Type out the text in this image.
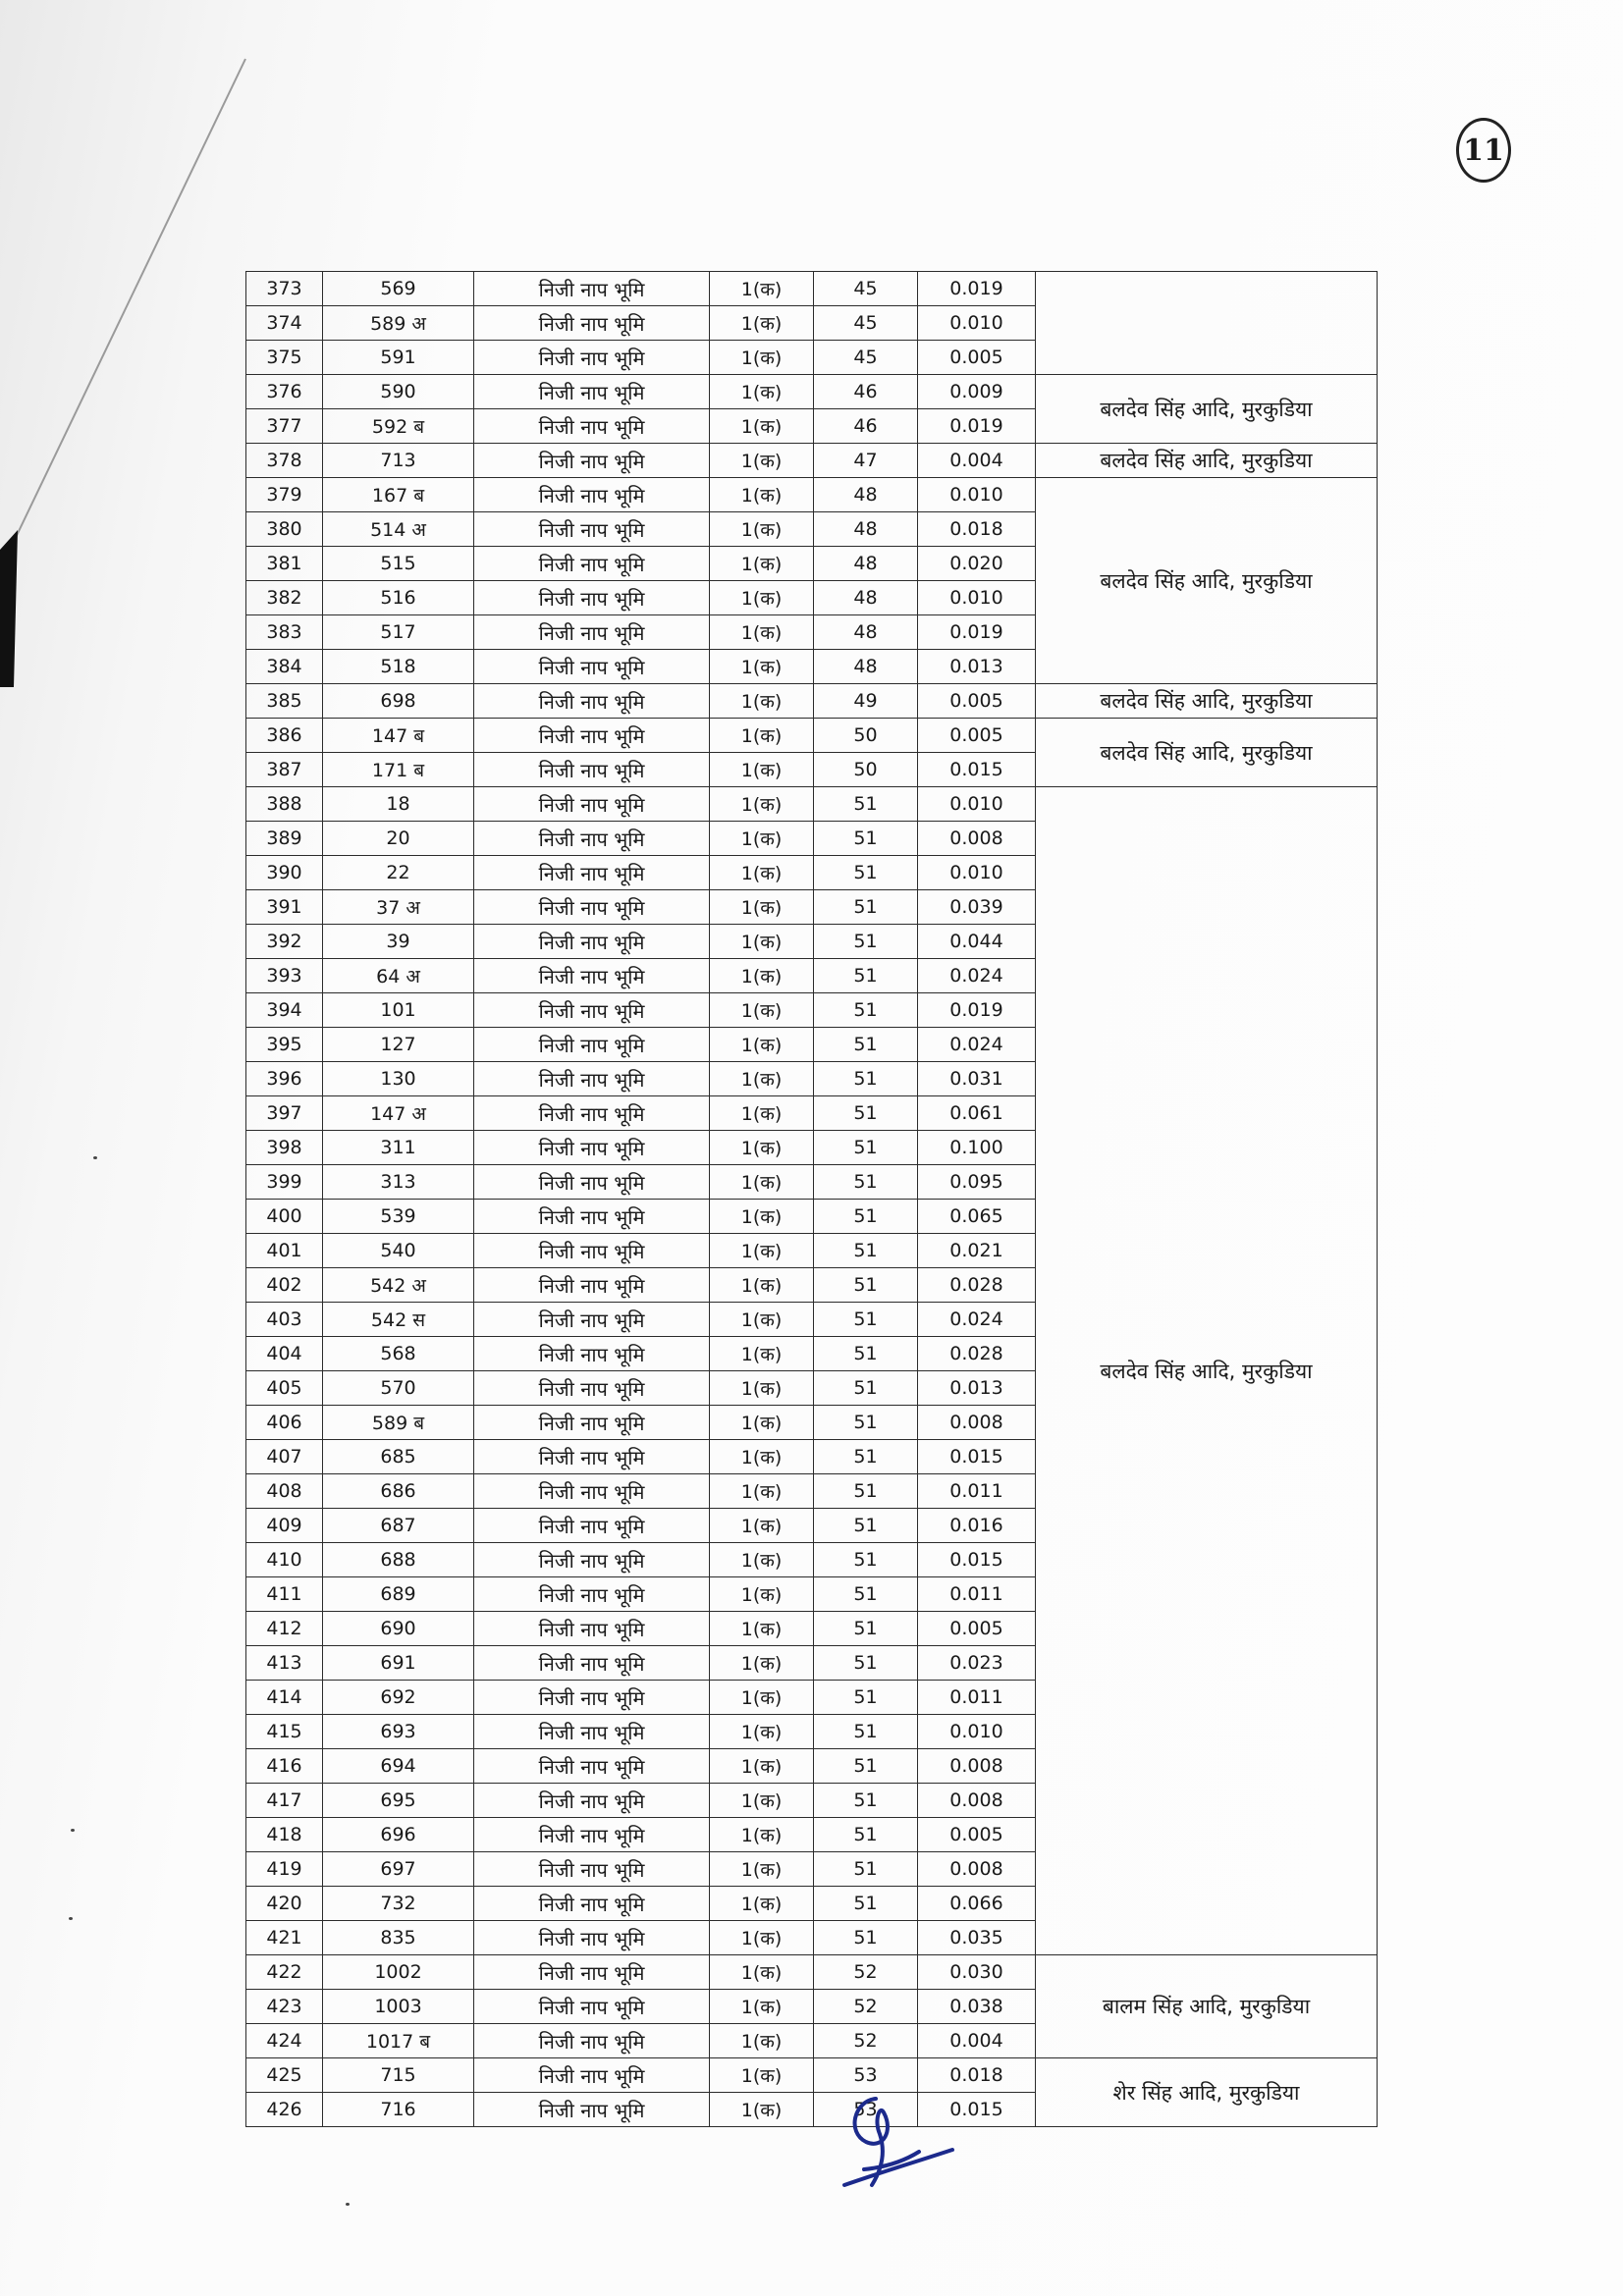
11
373	569	निजी नाप भूमि	1(क)	45	0.019	
374	589 अ	निजी नाप भूमि	1(क)	45	0.010	
375	591	निजी नाप भूमि	1(क)	45	0.005	
376	590	निजी नाप भूमि	1(क)	46	0.009	बलदेव सिंह आदि, मुरकुडिया
377	592 ब	निजी नाप भूमि	1(क)	46	0.019	
378	713	निजी नाप भूमि	1(क)	47	0.004	बलदेव सिंह आदि, मुरकुडिया
379	167 ब	निजी नाप भूमि	1(क)	48	0.010	बलदेव सिंह आदि, मुरकुडिया
380	514 अ	निजी नाप भूमि	1(क)	48	0.018	
381	515	निजी नाप भूमि	1(क)	48	0.020	
382	516	निजी नाप भूमि	1(क)	48	0.010	
383	517	निजी नाप भूमि	1(क)	48	0.019	
384	518	निजी नाप भूमि	1(क)	48	0.013	
385	698	निजी नाप भूमि	1(क)	49	0.005	बलदेव सिंह आदि, मुरकुडिया
386	147 ब	निजी नाप भूमि	1(क)	50	0.005	बलदेव सिंह आदि, मुरकुडिया
387	171 ब	निजी नाप भूमि	1(क)	50	0.015	
388	18	निजी नाप भूमि	1(क)	51	0.010	बलदेव सिंह आदि, मुरकुडिया
389	20	निजी नाप भूमि	1(क)	51	0.008	
390	22	निजी नाप भूमि	1(क)	51	0.010	
391	37 अ	निजी नाप भूमि	1(क)	51	0.039	
392	39	निजी नाप भूमि	1(क)	51	0.044	
393	64 अ	निजी नाप भूमि	1(क)	51	0.024	
394	101	निजी नाप भूमि	1(क)	51	0.019	
395	127	निजी नाप भूमि	1(क)	51	0.024	
396	130	निजी नाप भूमि	1(क)	51	0.031	
397	147 अ	निजी नाप भूमि	1(क)	51	0.061	
398	311	निजी नाप भूमि	1(क)	51	0.100	
399	313	निजी नाप भूमि	1(क)	51	0.095	
400	539	निजी नाप भूमि	1(क)	51	0.065	
401	540	निजी नाप भूमि	1(क)	51	0.021	
402	542 अ	निजी नाप भूमि	1(क)	51	0.028	
403	542 स	निजी नाप भूमि	1(क)	51	0.024	
404	568	निजी नाप भूमि	1(क)	51	0.028	
405	570	निजी नाप भूमि	1(क)	51	0.013	
406	589 ब	निजी नाप भूमि	1(क)	51	0.008	
407	685	निजी नाप भूमि	1(क)	51	0.015	
408	686	निजी नाप भूमि	1(क)	51	0.011	
409	687	निजी नाप भूमि	1(क)	51	0.016	
410	688	निजी नाप भूमि	1(क)	51	0.015	
411	689	निजी नाप भूमि	1(क)	51	0.011	
412	690	निजी नाप भूमि	1(क)	51	0.005	
413	691	निजी नाप भूमि	1(क)	51	0.023	
414	692	निजी नाप भूमि	1(क)	51	0.011	
415	693	निजी नाप भूमि	1(क)	51	0.010	
416	694	निजी नाप भूमि	1(क)	51	0.008	
417	695	निजी नाप भूमि	1(क)	51	0.008	
418	696	निजी नाप भूमि	1(क)	51	0.005	
419	697	निजी नाप भूमि	1(क)	51	0.008	
420	732	निजी नाप भूमि	1(क)	51	0.066	
421	835	निजी नाप भूमि	1(क)	51	0.035	
422	1002	निजी नाप भूमि	1(क)	52	0.030	बालम सिंह आदि, मुरकुडिया
423	1003	निजी नाप भूमि	1(क)	52	0.038	
424	1017 ब	निजी नाप भूमि	1(क)	52	0.004	
425	715	निजी नाप भूमि	1(क)	53	0.018	शेर सिंह आदि, मुरकुडिया
426	716	निजी नाप भूमि	1(क)	53	0.015	
